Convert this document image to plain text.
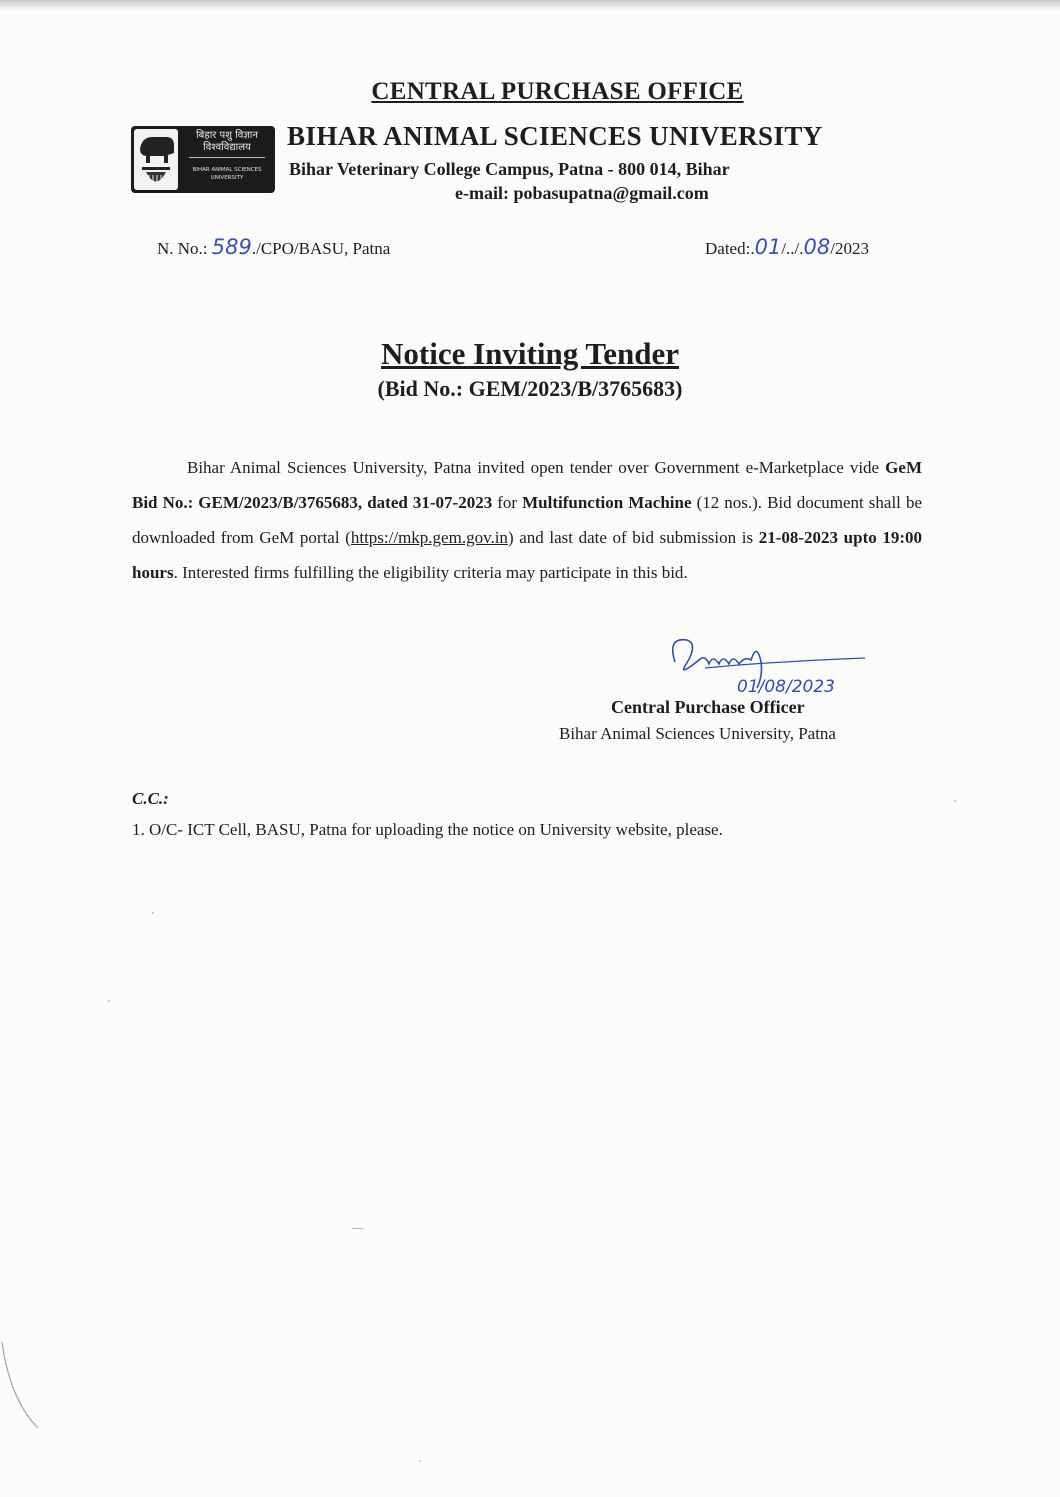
CENTRAL PURCHASE OFFICE
बिहार पशु विज्ञान
विश्वविद्यालय
BIHAR ANIMAL SCIENCES
UNIVERSITY
BIHAR ANIMAL SCIENCES UNIVERSITY
Bihar Veterinary College Campus, Patna - 800 014, Bihar
e-mail: pobasupatna@gmail.com
N. No.: 589./CPO/BASU, Patna	Dated:.01/../.08/2023
Notice Inviting Tender
(Bid No.: GEM/2023/B/3765683)
Bihar Animal Sciences University, Patna invited open tender over Government e-Marketplace vide GeM Bid No.: GEM/2023/B/3765683, dated 31-07-2023 for Multifunction Machine (12 nos.). Bid document shall be downloaded from GeM portal (https://mkp.gem.gov.in) and last date of bid submission is 21-08-2023 upto 19:00 hours. Interested firms fulfilling the eligibility criteria may participate in this bid.
01/08/2023
Central Purchase Officer
Bihar Animal Sciences University, Patna
C.C.:
1. O/C- ICT Cell, BASU, Patna for uploading the notice on University website, please.
